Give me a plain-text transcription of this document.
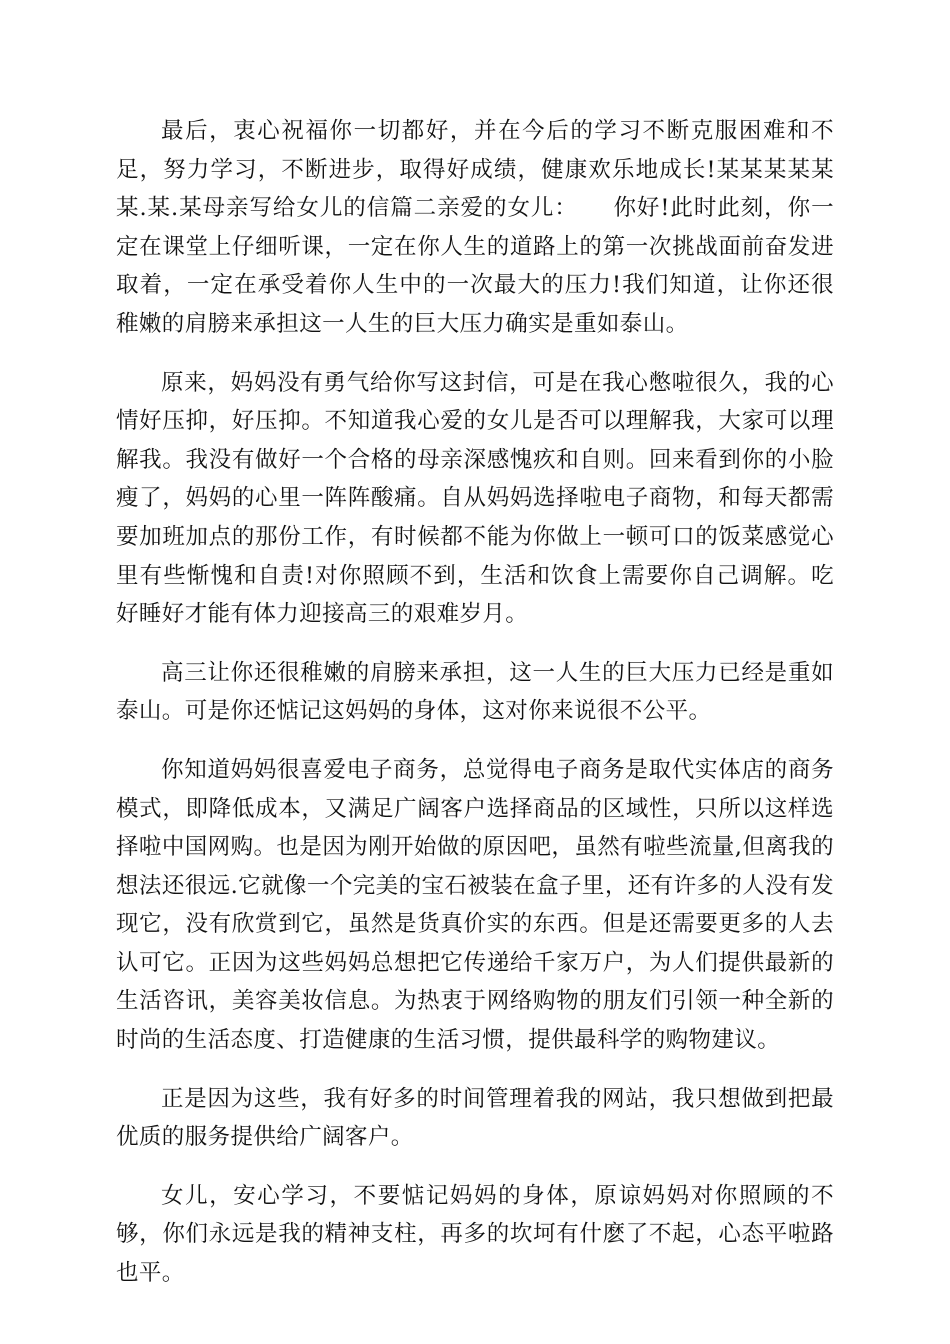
最后，衷心祝福你一切都好，并在今后的学习不断克服困难和不足，努力学习，不断进步，取得好成绩，健康欢乐地成长!某某某某某某.某.某母亲写给女儿的信篇二亲爱的女儿：　　你好!此时此刻，你一定在课堂上仔细听课，一定在你人生的道路上的第一次挑战面前奋发进取着，一定在承受着你人生中的一次最大的压力!我们知道，让你还很稚嫩的肩膀来承担这一人生的巨大压力确实是重如泰山。

原来，妈妈没有勇气给你写这封信，可是在我心憋啦很久，我的心情好压抑，好压抑。不知道我心爱的女儿是否可以理解我，大家可以理解我。我没有做好一个合格的母亲深感愧疚和自则。回来看到你的小脸瘦了，妈妈的心里一阵阵酸痛。自从妈妈选择啦电子商物，和每天都需要加班加点的那份工作，有时候都不能为你做上一顿可口的饭菜感觉心里有些惭愧和自责!对你照顾不到，生活和饮食上需要你自己调解。吃好睡好才能有体力迎接高三的艰难岁月。

高三让你还很稚嫩的肩膀来承担，这一人生的巨大压力已经是重如泰山。可是你还惦记这妈妈的身体，这对你来说很不公平。

你知道妈妈很喜爱电子商务，总觉得电子商务是取代实体店的商务模式，即降低成本，又满足广阔客户选择商品的区域性，只所以这样选择啦中国网购。也是因为刚开始做的原因吧，虽然有啦些流量,但离我的想法还很远.它就像一个完美的宝石被装在盒子里，还有许多的人没有发现它，没有欣赏到它，虽然是货真价实的东西。但是还需要更多的人去认可它。正因为这些妈妈总想把它传递给千家万户，为人们提供最新的生活咨讯，美容美妆信息。为热衷于网络购物的朋友们引领一种全新的时尚的生活态度、打造健康的生活习惯，提供最科学的购物建议。

正是因为这些，我有好多的时间管理着我的网站，我只想做到把最优质的服务提供给广阔客户。

女儿，安心学习，不要惦记妈妈的身体，原谅妈妈对你照顾的不够，你们永远是我的精神支柱，再多的坎坷有什麽了不起，心态平啦路也平。
